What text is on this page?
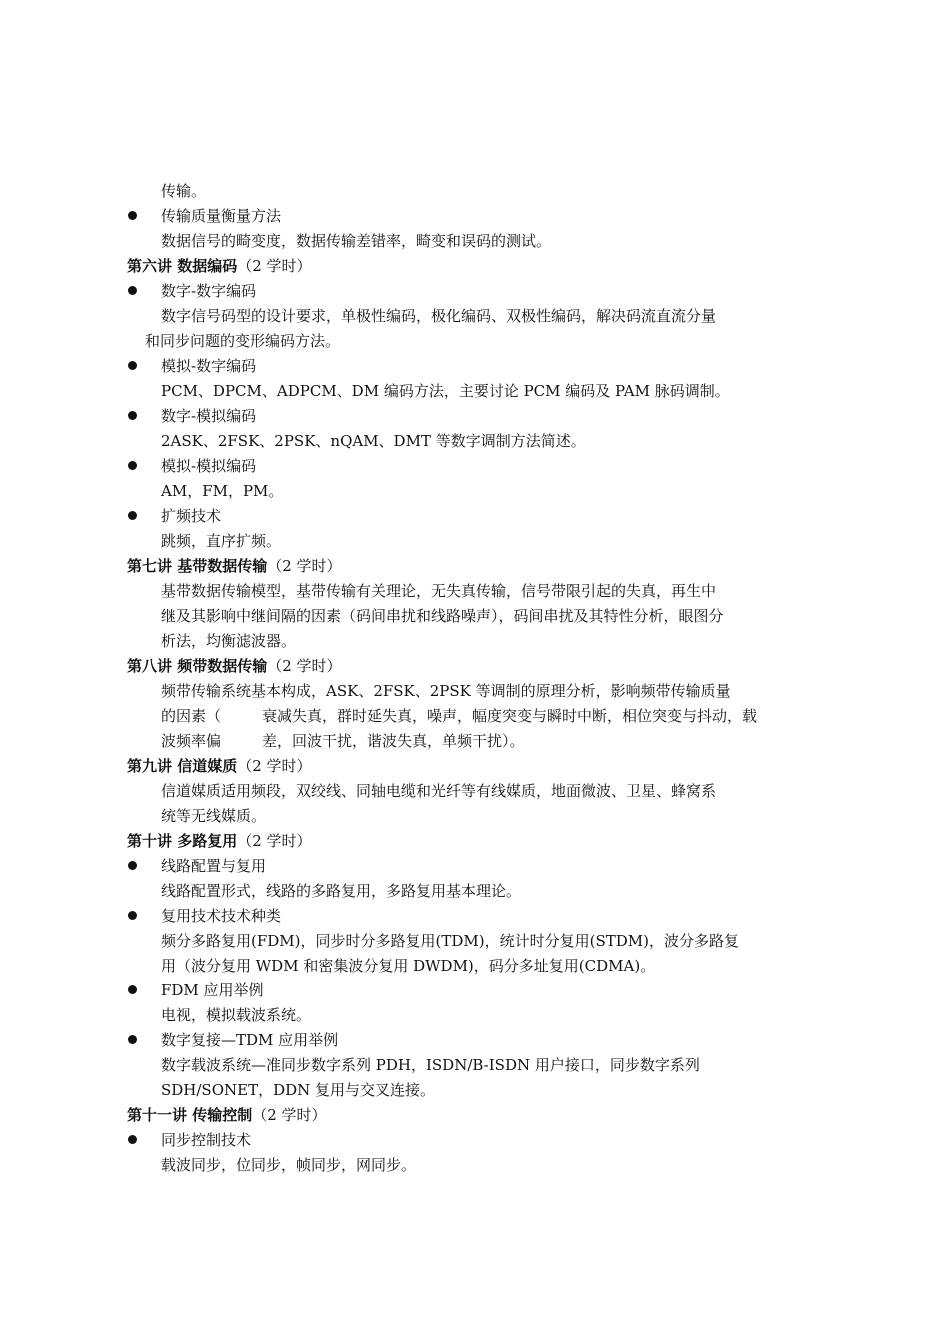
传输。
传输质量衡量方法
数据信号的畸变度，数据传输差错率，畸变和误码的测试。
第六讲 数据编码（2 学时）
数字-数字编码
数字信号码型的设计要求，单极性编码，极化编码、双极性编码，解决码流直流分量
和同步问题的变形编码方法。
模拟-数字编码
PCM、DPCM、ADPCM、DM 编码方法，主要讨论 PCM 编码及 PAM 脉码调制。
数字-模拟编码
2ASK、2FSK、2PSK、nQAM、DMT 等数字调制方法简述。
模拟-模拟编码
AM，FM，PM。
扩频技术
跳频，直序扩频。
第七讲 基带数据传输（2 学时）
基带数据传输模型，基带传输有关理论，无失真传输，信号带限引起的失真，再生中
继及其影响中继间隔的因素（码间串扰和线路噪声），码间串扰及其特性分析，眼图分
析法，均衡滤波器。
第八讲 频带数据传输（2 学时）
频带传输系统基本构成，ASK、2FSK、2PSK 等调制的原理分析，影响频带传输质量
的因素（	衰减失真，群时延失真，噪声，幅度突变与瞬时中断，相位突变与抖动，载
波频率偏	差，回波干扰，谐波失真，单频干扰）。
第九讲 信道媒质（2 学时）
信道媒质适用频段，双绞线、同轴电缆和光纤等有线媒质，地面微波、卫星、蜂窝系
统等无线媒质。
第十讲 多路复用（2 学时）
线路配置与复用
线路配置形式，线路的多路复用，多路复用基本理论。
复用技术技术种类
频分多路复用(FDM)，同步时分多路复用(TDM)，统计时分复用(STDM)，波分多路复
用（波分复用 WDM 和密集波分复用 DWDM)，码分多址复用(CDMA)。
FDM 应用举例
电视，模拟载波系统。
数字复接—TDM 应用举例
数字载波系统—准同步数字系列 PDH，ISDN/B-ISDN 用户接口，同步数字系列
SDH/SONET，DDN 复用与交叉连接。
第十一讲 传输控制（2 学时）
同步控制技术
载波同步，位同步，帧同步，网同步。
